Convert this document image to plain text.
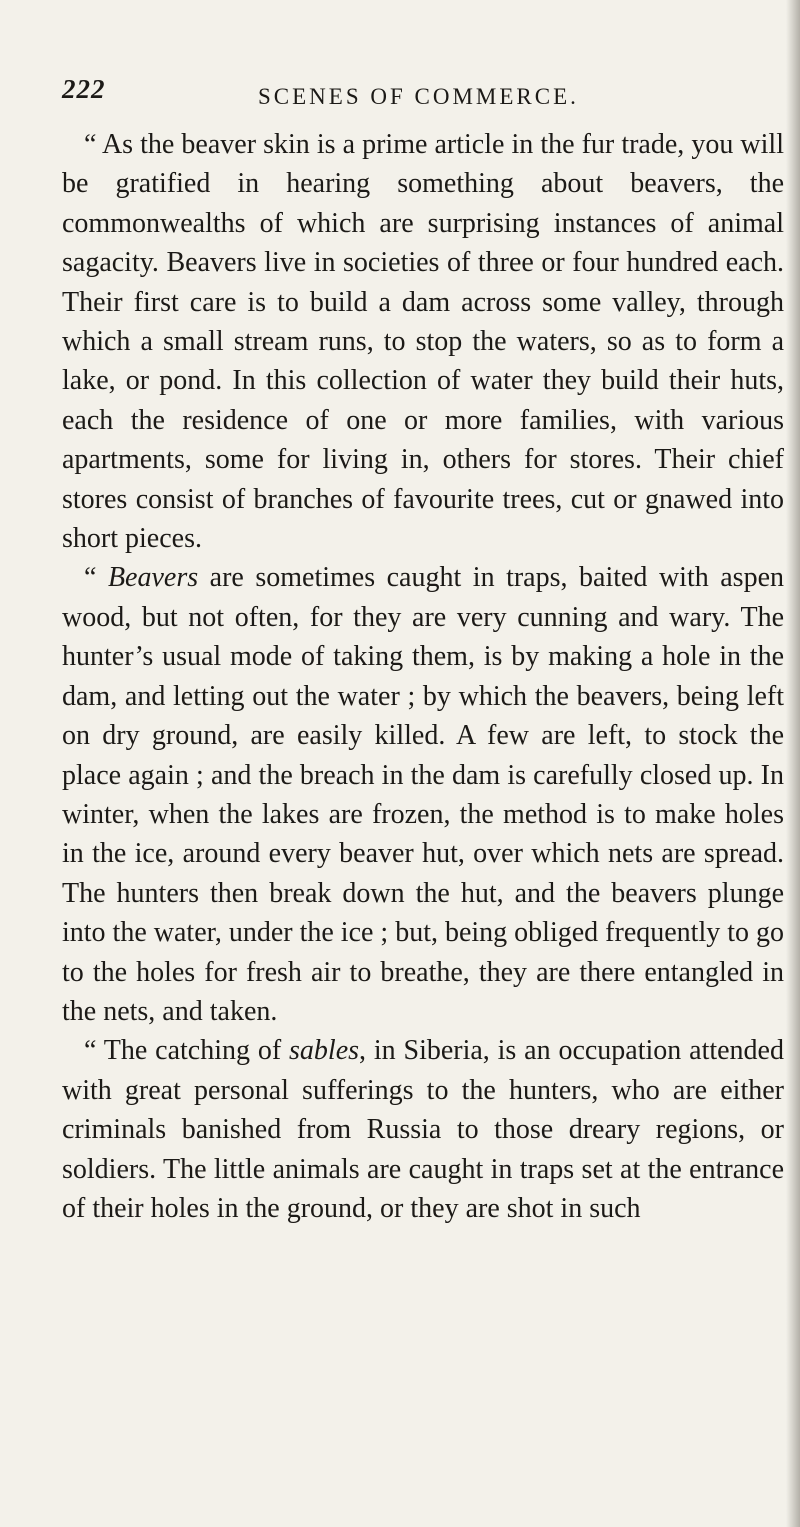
222	SCENES OF COMMERCE.

“ As the beaver skin is a prime article in the fur trade, you will be gratified in hearing something about beavers, the commonwealths of which are surprising instances of animal sagacity. Beavers live in societies of three or four hundred each. Their first care is to build a dam across some valley, through which a small stream runs, to stop the waters, so as to form a lake, or pond. In this collection of water they build their huts, each the residence of one or more families, with various apartments, some for living in, others for stores. Their chief stores consist of branches of favourite trees, cut or gnawed into short pieces.

“ Beavers are sometimes caught in traps, baited with aspen wood, but not often, for they are very cunning and wary. The hunter’s usual mode of taking them, is by making a hole in the dam, and letting out the water ; by which the beavers, being left on dry ground, are easily killed. A few are left, to stock the place again ; and the breach in the dam is carefully closed up. In winter, when the lakes are frozen, the method is to make holes in the ice, around every beaver hut, over which nets are spread. The hunters then break down the hut, and the beavers plunge into the water, under the ice ; but, being obliged frequently to go to the holes for fresh air to breathe, they are there entangled in the nets, and taken.

“ The catching of sables, in Siberia, is an occupation attended with great personal sufferings to the hunters, who are either criminals banished from Russia to those dreary regions, or soldiers. The little animals are caught in traps set at the entrance of their holes in the ground, or they are shot in such
